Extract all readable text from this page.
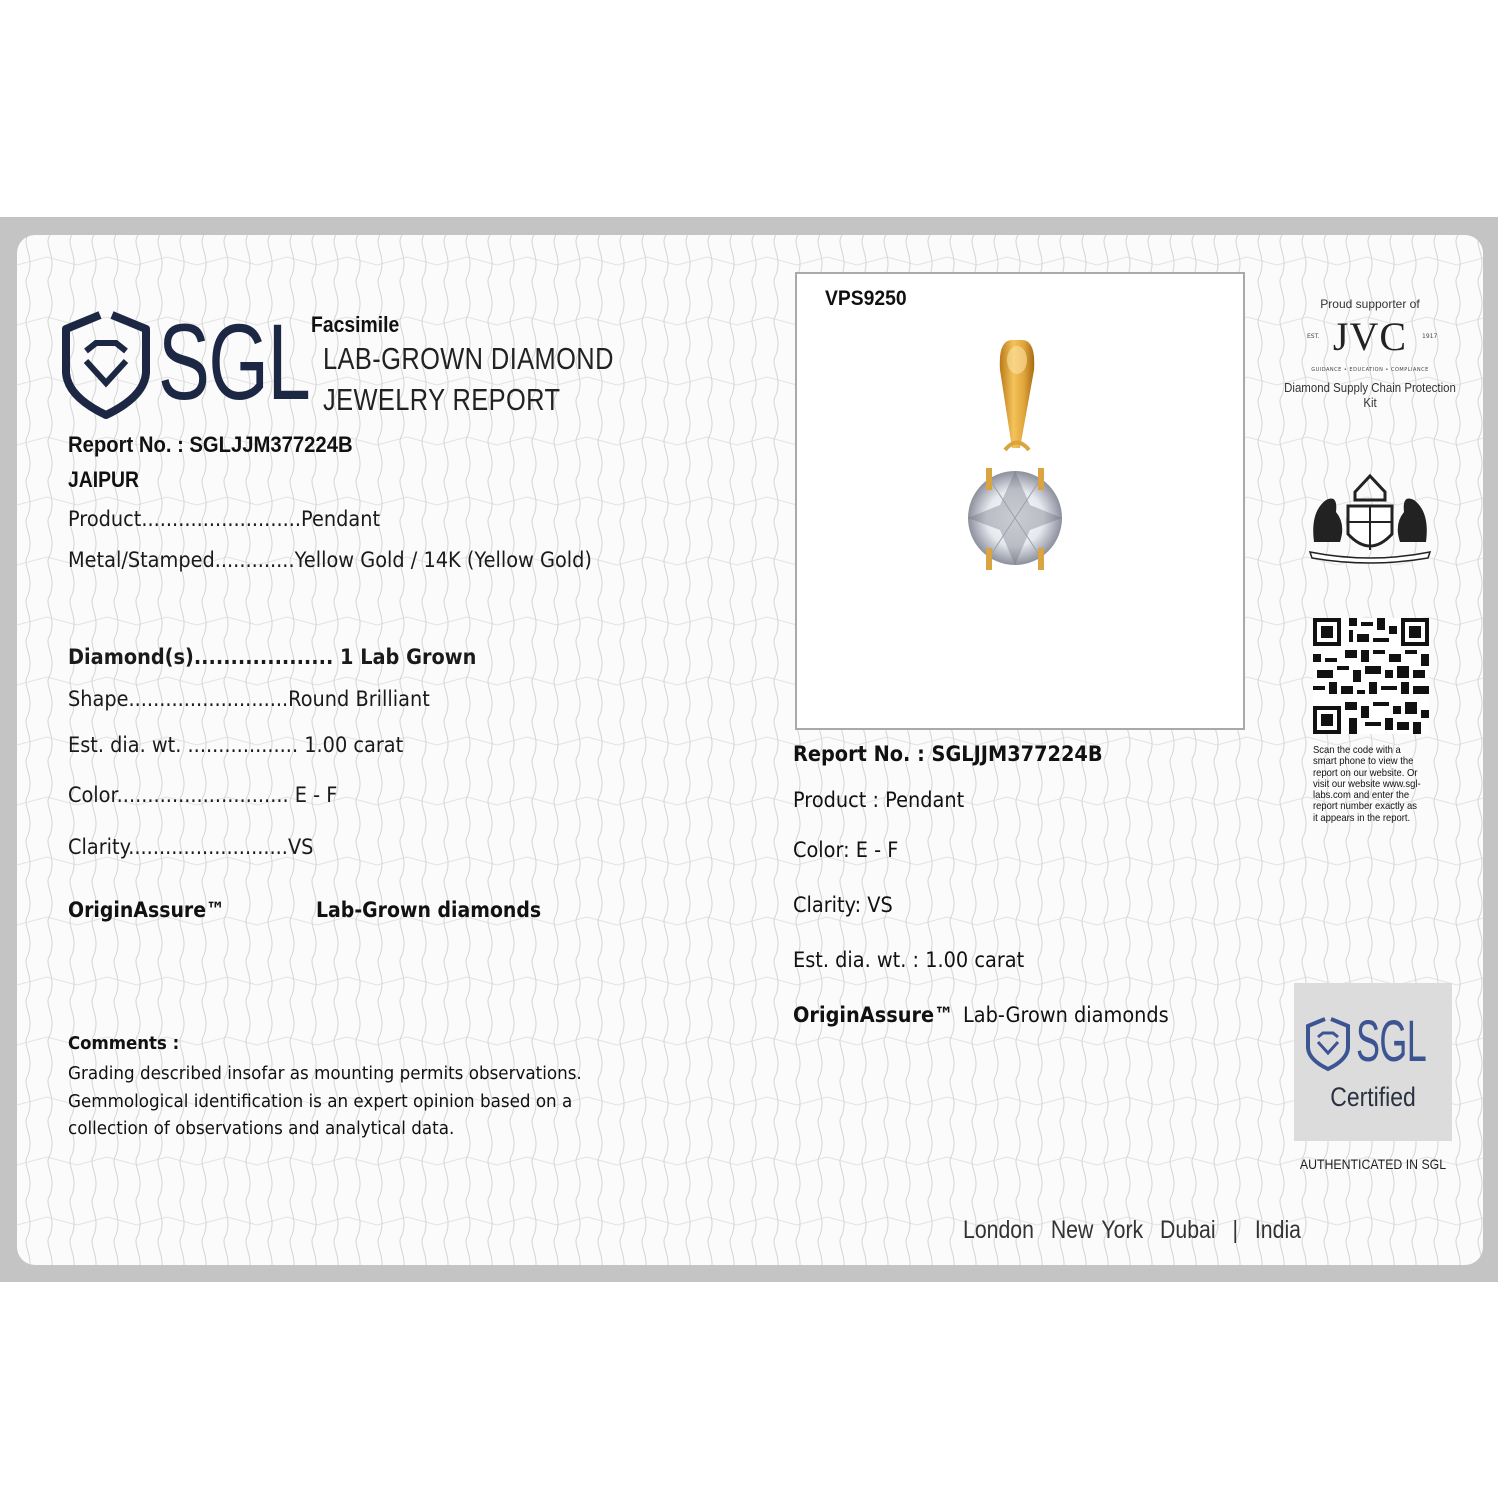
SGL Facsimile
LAB-GROWN DIAMOND
JEWELRY REPORT
Report No. : SGLJJM377224B
JAIPUR
Product..........................Pendant
Metal/Stamped.............Yellow Gold / 14K (Yellow Gold)
Diamond(s)................... 1 Lab Grown
Shape..........................Round Brilliant
Est. dia. wt. .................. 1.00 carat
Color............................ E - F
Clarity..........................VS
OriginAssure™	Lab-Grown diamonds
Comments :
Grading described insofar as mounting permits observations. Gemmological identification is an expert opinion based on a collection of observations and analytical data.
VPS9250
Report No. : SGLJJM377224B
Product : Pendant
Color: E - F
Clarity: VS
Est. dia. wt. : 1.00 carat
OriginAssure™ Lab-Grown diamonds
Proud supporter of
JVC
EST.	1917
GUIDANCE • EDUCATION • COMPLIANCE
Diamond Supply Chain Protection Kit
Scan the code with a smart phone to view the report on our website. Or visit our website www.sgl-labs.com and enter the report number exactly as it appears in the report.
SGL
Certified
AUTHENTICATED IN SGL
London  New York  Dubai  |  India
